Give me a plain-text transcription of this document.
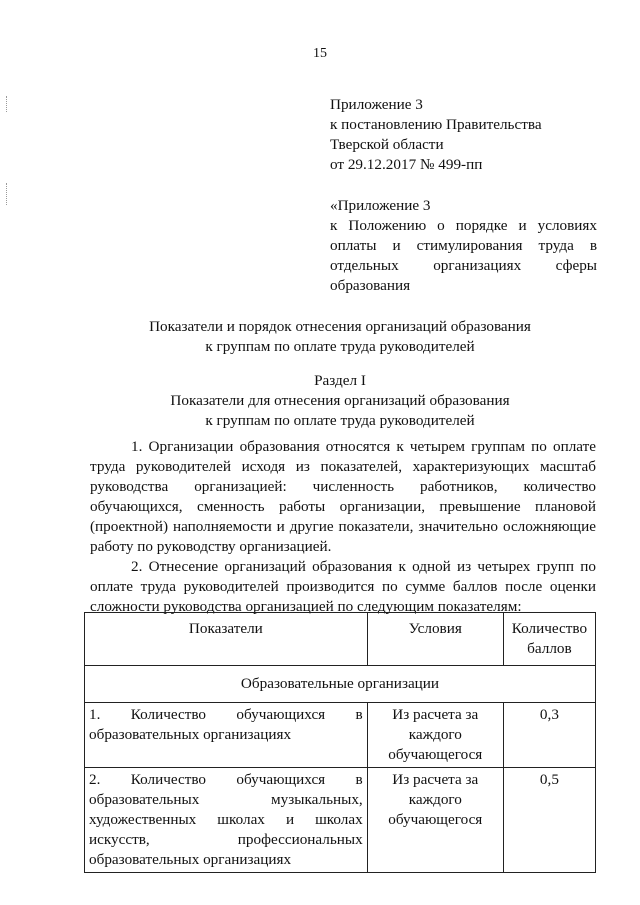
15
Приложение 3
к постановлению Правительства
Тверской области
от 29.12.2017 № 499-пп
«Приложение 3
к Положению о порядке и условиях
оплаты и стимулирования труда в
отдельных организациях сферы
образования
Показатели и порядок отнесения организаций образования
к группам по оплате труда руководителей
Раздел I
Показатели для отнесения организаций образования
к группам по оплате труда руководителей

1. Организации образования относятся к четырем группам по оплате труда руководителей исходя из показателей, характеризующих масштаб руководства организацией: численность работников, количество обучающихся, сменность работы организации, превышение плановой (проектной) наполняемости и другие показатели, значительно осложняющие работу по руководству организацией.

2. Отнесение организаций образования к одной из четырех групп по оплате труда руководителей производится по сумме баллов после оценки сложности руководства организацией по следующим показателям:

Показатели	Условия	Количество баллов
Образовательные организации		
1. Количество обучающихся в образовательных организациях	Из расчета за каждого обучающегося	0,3
2. Количество обучающихся в образовательных музыкальных, художественных школах и школах искусств, профессиональных образовательных организациях	Из расчета за каждого обучающегося	0,5
